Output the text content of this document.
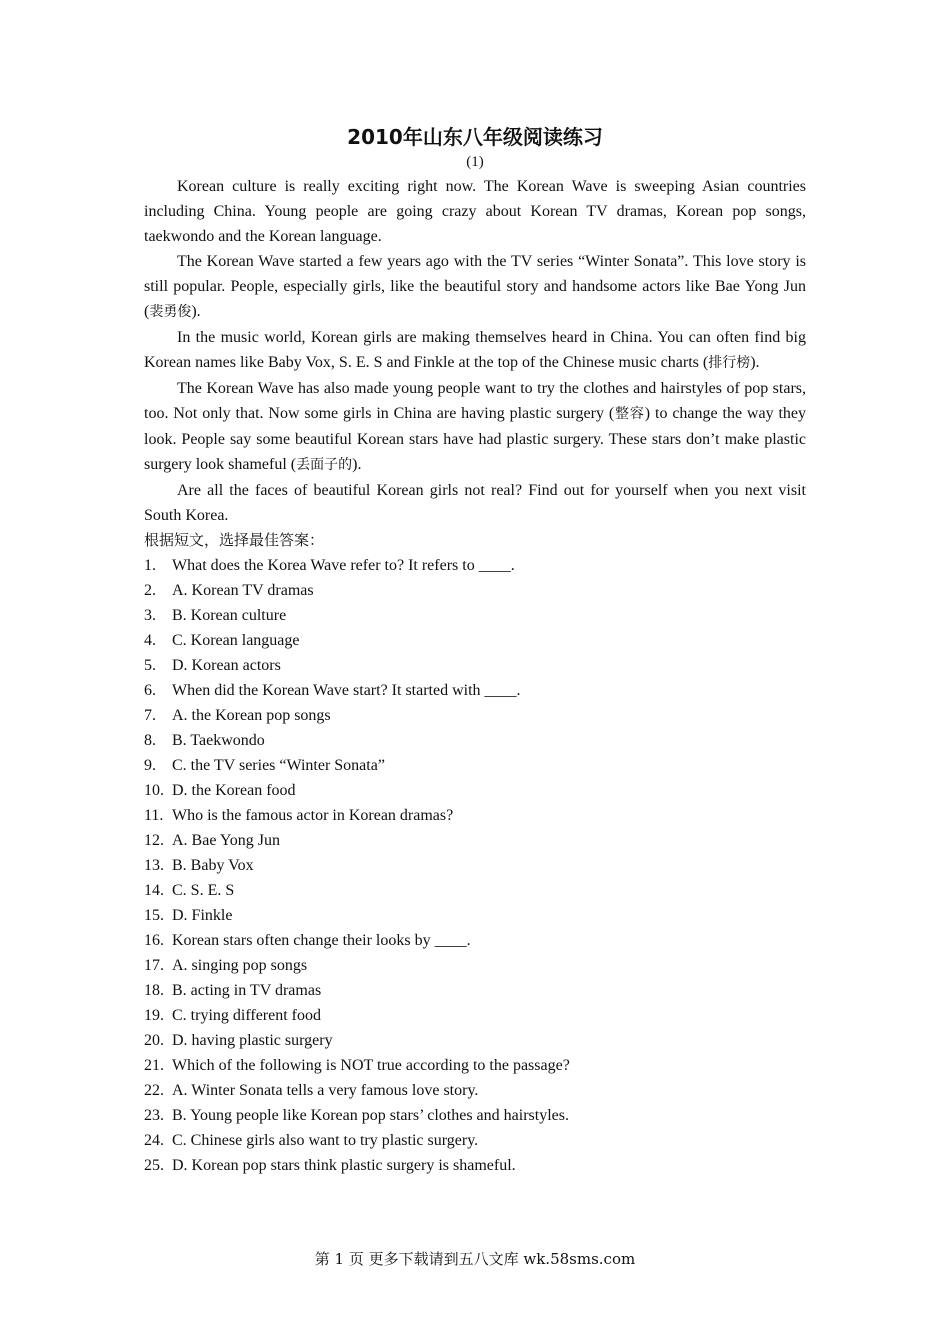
2010年山东八年级阅读练习

(1)

Korean culture is really exciting right now. The Korean Wave is sweeping Asian countries including China. Young people are going crazy about Korean TV dramas, Korean pop songs, taekwondo and the Korean language.

The Korean Wave started a few years ago with the TV series “Winter Sonata”. This love story is still popular. People, especially girls, like the beautiful story and handsome actors like Bae Yong Jun (裴勇俊).

In the music world, Korean girls are making themselves heard in China. You can often find big Korean names like Baby Vox, S. E. S and Finkle at the top of the Chinese music charts (排行榜).

The Korean Wave has also made young people want to try the clothes and hairstyles of pop stars, too. Not only that. Now some girls in China are having plastic surgery (整容) to change the way they look. People say some beautiful Korean stars have had plastic surgery. These stars don’t make plastic surgery look shameful (丢面子的).

Are all the faces of beautiful Korean girls not real? Find out for yourself when you next visit South Korea.

根据短文，选择最佳答案：

1.	What does the Korea Wave refer to? It refers to ____.
2.	A. Korean TV dramas
3.	B. Korean culture
4.	C. Korean language
5.	D. Korean actors
6.	When did the Korean Wave start? It started with ____.
7.	A. the Korean pop songs
8.	B. Taekwondo
9.	C. the TV series “Winter Sonata”
10. D. the Korean food
11. Who is the famous actor in Korean dramas?
12. A. Bae Yong Jun
13. B. Baby Vox
14. C. S. E. S
15. D. Finkle
16. Korean stars often change their looks by ____.
17. A. singing pop songs
18. B. acting in TV dramas
19. C. trying different food
20. D. having plastic surgery
21. Which of the following is NOT true according to the passage?
22. A. Winter Sonata tells a very famous love story.
23. B. Young people like Korean pop stars’ clothes and hairstyles.
24. C. Chinese girls also want to try plastic surgery.
25. D. Korean pop stars think plastic surgery is shameful.
第 1 页 更多下载请到五八文库 wk.58sms.com
